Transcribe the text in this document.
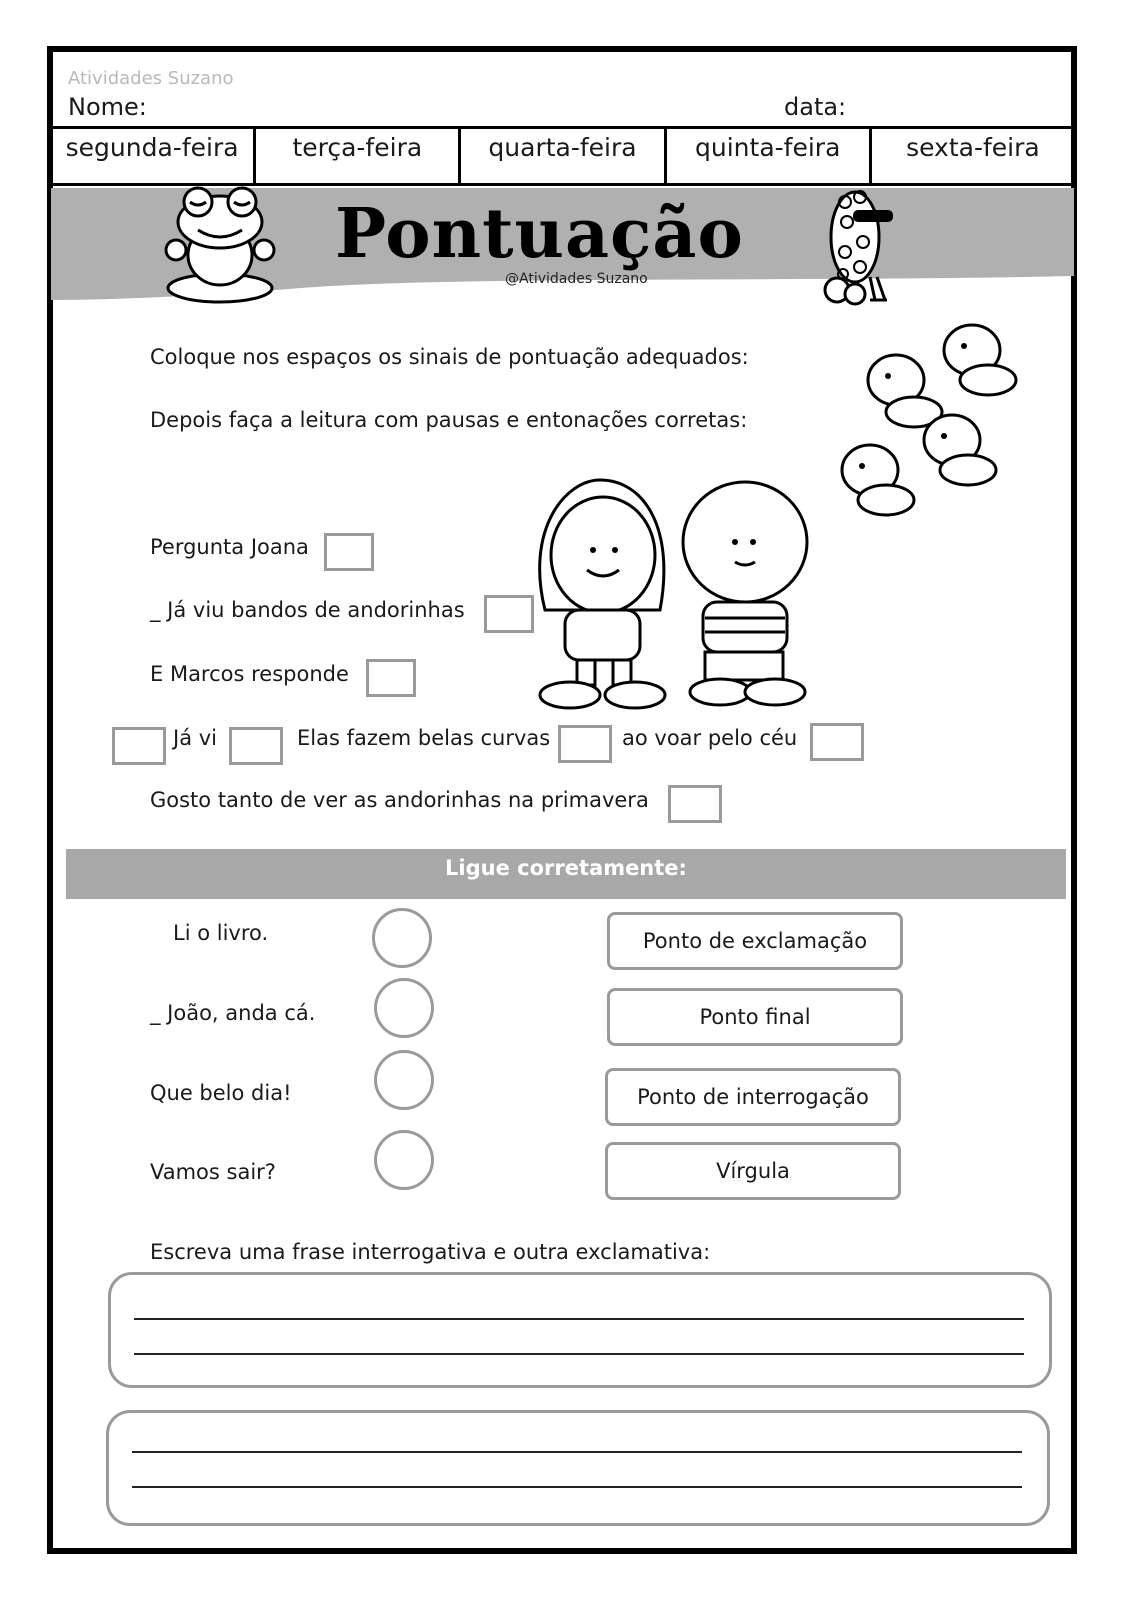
Atividades Suzano
Nome:	data:
segunda-feira	terça-feira	quarta-feira	quinta-feira	sexta-feira
Pontuação
@Atividades Suzano
Coloque nos espaços os sinais de pontuação adequados:
Depois faça a leitura com pausas e entonações corretas:
Pergunta Joana
_ Já viu bandos de andorinhas
E Marcos responde
Já vi	Elas fazem belas curvas	ao voar pelo céu
Gosto tanto de ver as andorinhas na primavera
Ligue corretamente:
Li o livro.
_ João, anda cá.
Que belo dia!
Vamos sair?
Ponto de exclamação
Ponto final
Ponto de interrogação
Vírgula
Escreva uma frase interrogativa e outra exclamativa:
